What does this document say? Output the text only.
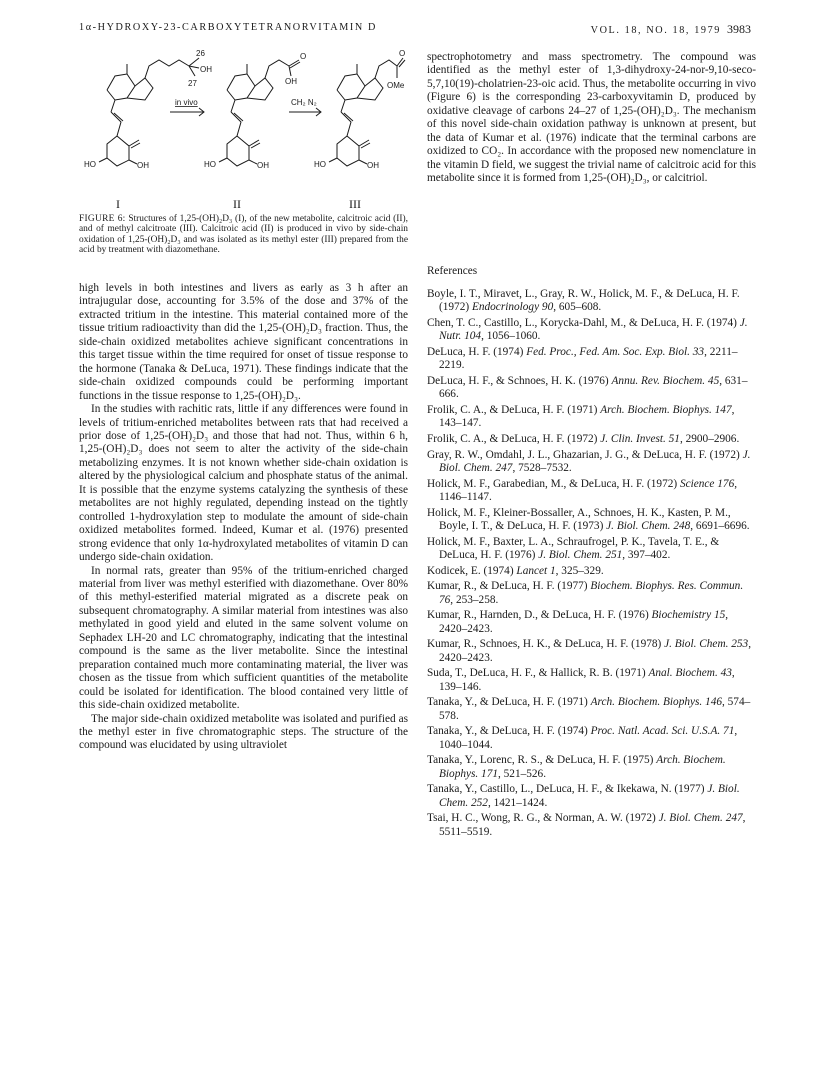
1α-HYDROXY-23-CARBOXYTETRANORVITAMIN D	VOL. 18, NO. 18, 1979 3983
26
OH
27
HO	OH
in vivo
O
OH
HO	OH
CH₂ N₂
O
OMe
HO	OH
I	II	III
FIGURE 6: Structures of 1,25-(OH)₂D₃ (I), of the new metabolite, calcitroic acid (II), and of methyl calcitroate (III). Calcitroic acid (II) is produced in vivo by side-chain oxidation of 1,25-(OH)₂D₃ and was isolated as its methyl ester (III) prepared from the acid by treatment with diazomethane.

high levels in both intestines and livers as early as 3 h after an intrajugular dose, accounting for 3.5% of the dose and 37% of the extracted tritium in the intestine. This material contained more of the tissue tritium radioactivity than did the 1,25-(OH)₂D₃ fraction. Thus, the side-chain oxidized metabolites achieve significant concentrations in this target tissue within the time required for onset of tissue response to the hormone (Tanaka & DeLuca, 1971). These findings indicate that the side-chain oxidized compounds could be performing important functions in the tissue response to 1,25-(OH)₂D₃.

In the studies with rachitic rats, little if any differences were found in levels of tritium-enriched metabolites between rats that had received a prior dose of 1,25-(OH)₂D₃ and those that had not. Thus, within 6 h, 1,25-(OH)₂D₃ does not seem to alter the activity of the side-chain metabolizing enzymes. It is not known whether side-chain oxidation is altered by the physiological calcium and phosphate status of the animal. It is possible that the enzyme systems catalyzing the synthesis of these metabolites are not highly regulated, depending instead on the tightly controlled 1-hydroxylation step to modulate the amount of side-chain oxidized metabolites formed. Indeed, Kumar et al. (1976) presented strong evidence that only 1α-hydroxylated metabolites of vitamin D can undergo side-chain oxidation.

In normal rats, greater than 95% of the tritium-enriched charged material from liver was methyl esterified with diazomethane. Over 80% of this methyl-esterified material migrated as a discrete peak on subsequent chromatography. A similar material from intestines was also methylated in good yield and eluted in the same solvent volume on Sephadex LH-20 and LC chromatography, indicating that the intestinal compound is the same as the liver metabolite. Since the intestinal preparation contained much more contaminating material, the liver was chosen as the tissue from which sufficient quantities of the metabolite could be isolated for identification. The blood contained very little of this side-chain oxidized metabolite.

The major side-chain oxidized metabolite was isolated and purified as the methyl ester in five chromatographic steps. The structure of the compound was elucidated by using ultraviolet

spectrophotometry and mass spectrometry. The compound was identified as the methyl ester of 1,3-dihydroxy-24-nor-9,10-seco-5,7,10(19)-cholatrien-23-oic acid. Thus, the metabolite occurring in vivo (Figure 6) is the corresponding 23-carboxyvitamin D, produced by oxidative cleavage of carbons 24–27 of 1,25-(OH)₂D₃. The mechanism of this novel side-chain oxidation pathway is unknown at present, but the data of Kumar et al. (1976) indicate that the terminal carbons are oxidized to CO₂. In accordance with the proposed new nomenclature in the vitamin D field, we suggest the trivial name of calcitroic acid for this metabolite since it is formed from 1,25-(OH)₂D₃, or calcitriol.

References
Boyle, I. T., Miravet, L., Gray, R. W., Holick, M. F., & DeLuca, H. F. (1972) Endocrinology 90, 605–608.
Chen, T. C., Castillo, L., Korycka-Dahl, M., & DeLuca, H. F. (1974) J. Nutr. 104, 1056–1060.
DeLuca, H. F. (1974) Fed. Proc., Fed. Am. Soc. Exp. Biol. 33, 2211–2219.
DeLuca, H. F., & Schnoes, H. K. (1976) Annu. Rev. Biochem. 45, 631–666.
Frolik, C. A., & DeLuca, H. F. (1971) Arch. Biochem. Biophys. 147, 143–147.
Frolik, C. A., & DeLuca, H. F. (1972) J. Clin. Invest. 51, 2900–2906.
Gray, R. W., Omdahl, J. L., Ghazarian, J. G., & DeLuca, H. F. (1972) J. Biol. Chem. 247, 7528–7532.
Holick, M. F., Garabedian, M., & DeLuca, H. F. (1972) Science 176, 1146–1147.
Holick, M. F., Kleiner-Bossaller, A., Schnoes, H. K., Kasten, P. M., Boyle, I. T., & DeLuca, H. F. (1973) J. Biol. Chem. 248, 6691–6696.
Holick, M. F., Baxter, L. A., Schraufrogel, P. K., Tavela, T. E., & DeLuca, H. F. (1976) J. Biol. Chem. 251, 397–402.
Kodicek, E. (1974) Lancet 1, 325–329.
Kumar, R., & DeLuca, H. F. (1977) Biochem. Biophys. Res. Commun. 76, 253–258.
Kumar, R., Harnden, D., & DeLuca, H. F. (1976) Biochemistry 15, 2420–2423.
Kumar, R., Schnoes, H. K., & DeLuca, H. F. (1978) J. Biol. Chem. 253, 2420–2423.
Suda, T., DeLuca, H. F., & Hallick, R. B. (1971) Anal. Biochem. 43, 139–146.
Tanaka, Y., & DeLuca, H. F. (1971) Arch. Biochem. Biophys. 146, 574–578.
Tanaka, Y., & DeLuca, H. F. (1974) Proc. Natl. Acad. Sci. U.S.A. 71, 1040–1044.
Tanaka, Y., Lorenc, R. S., & DeLuca, H. F. (1975) Arch. Biochem. Biophys. 171, 521–526.
Tanaka, Y., Castillo, L., DeLuca, H. F., & Ikekawa, N. (1977) J. Biol. Chem. 252, 1421–1424.
Tsai, H. C., Wong, R. G., & Norman, A. W. (1972) J. Biol. Chem. 247, 5511–5519.
